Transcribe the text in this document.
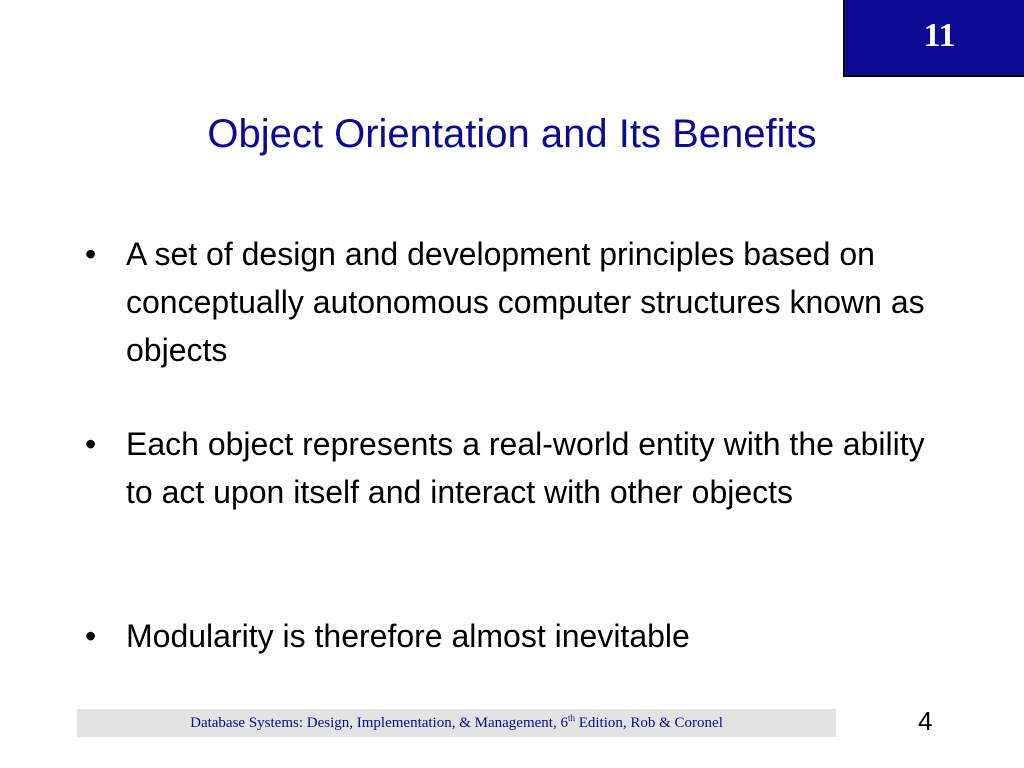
11
Object Orientation and Its Benefits
• A set of design and development principles based on conceptually autonomous computer structures known as objects
• Each object represents a real-world entity with the ability to act upon itself and interact with other objects
• Modularity is therefore almost inevitable
Database Systems: Design, Implementation, & Management, 6th Edition, Rob & Coronel	4
